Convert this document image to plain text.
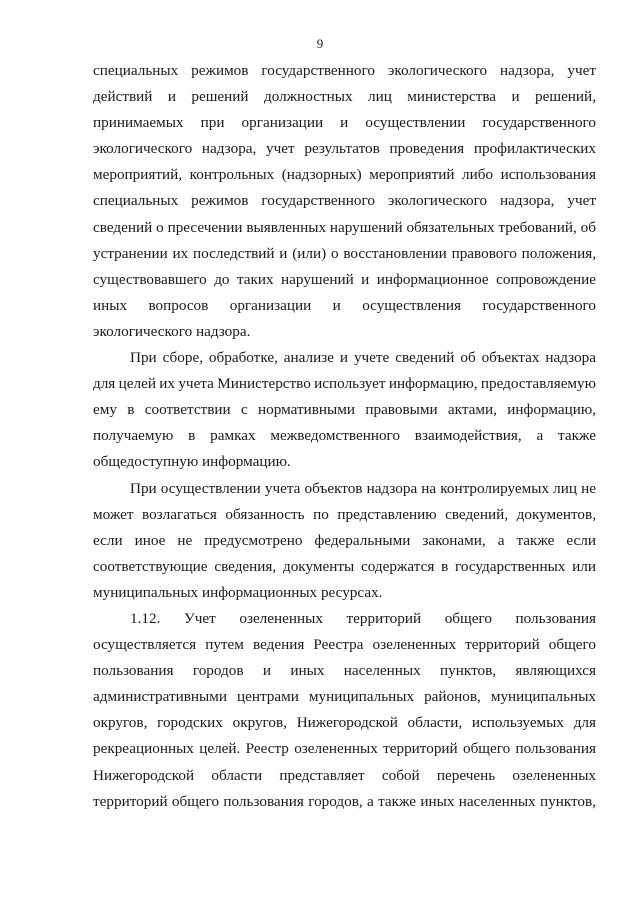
9
специальных режимов государственного экологического надзора, учет
действий и решений должностных лиц министерства и решений,
принимаемых при организации и осуществлении государственного
экологического надзора, учет результатов проведения профилактических
мероприятий, контрольных (надзорных) мероприятий либо использования
специальных режимов государственного экологического надзора, учет
сведений о пресечении выявленных нарушений обязательных требований, об
устранении их последствий и (или) о восстановлении правового положения,
существовавшего до таких нарушений и информационное сопровождение
иных вопросов организации и осуществления государственного
экологического надзора.
При сборе, обработке, анализе и учете сведений об объектах надзора
для целей их учета Министерство использует информацию, предоставляемую
ему в соответствии с нормативными правовыми актами, информацию,
получаемую в рамках межведомственного взаимодействия, а также
общедоступную информацию.
При осуществлении учета объектов надзора на контролируемых лиц не
может возлагаться обязанность по представлению сведений, документов,
если иное не предусмотрено федеральными законами, а также если
соответствующие сведения, документы содержатся в государственных или
муниципальных информационных ресурсах.
1.12. Учет озелененных территорий общего пользования
осуществляется путем ведения Реестра озелененных территорий общего
пользования городов и иных населенных пунктов, являющихся
административными центрами муниципальных районов, муниципальных
округов, городских округов, Нижегородской области, используемых для
рекреационных целей. Реестр озелененных территорий общего пользования
Нижегородской области представляет собой перечень озелененных
территорий общего пользования городов, а также иных населенных пунктов,
